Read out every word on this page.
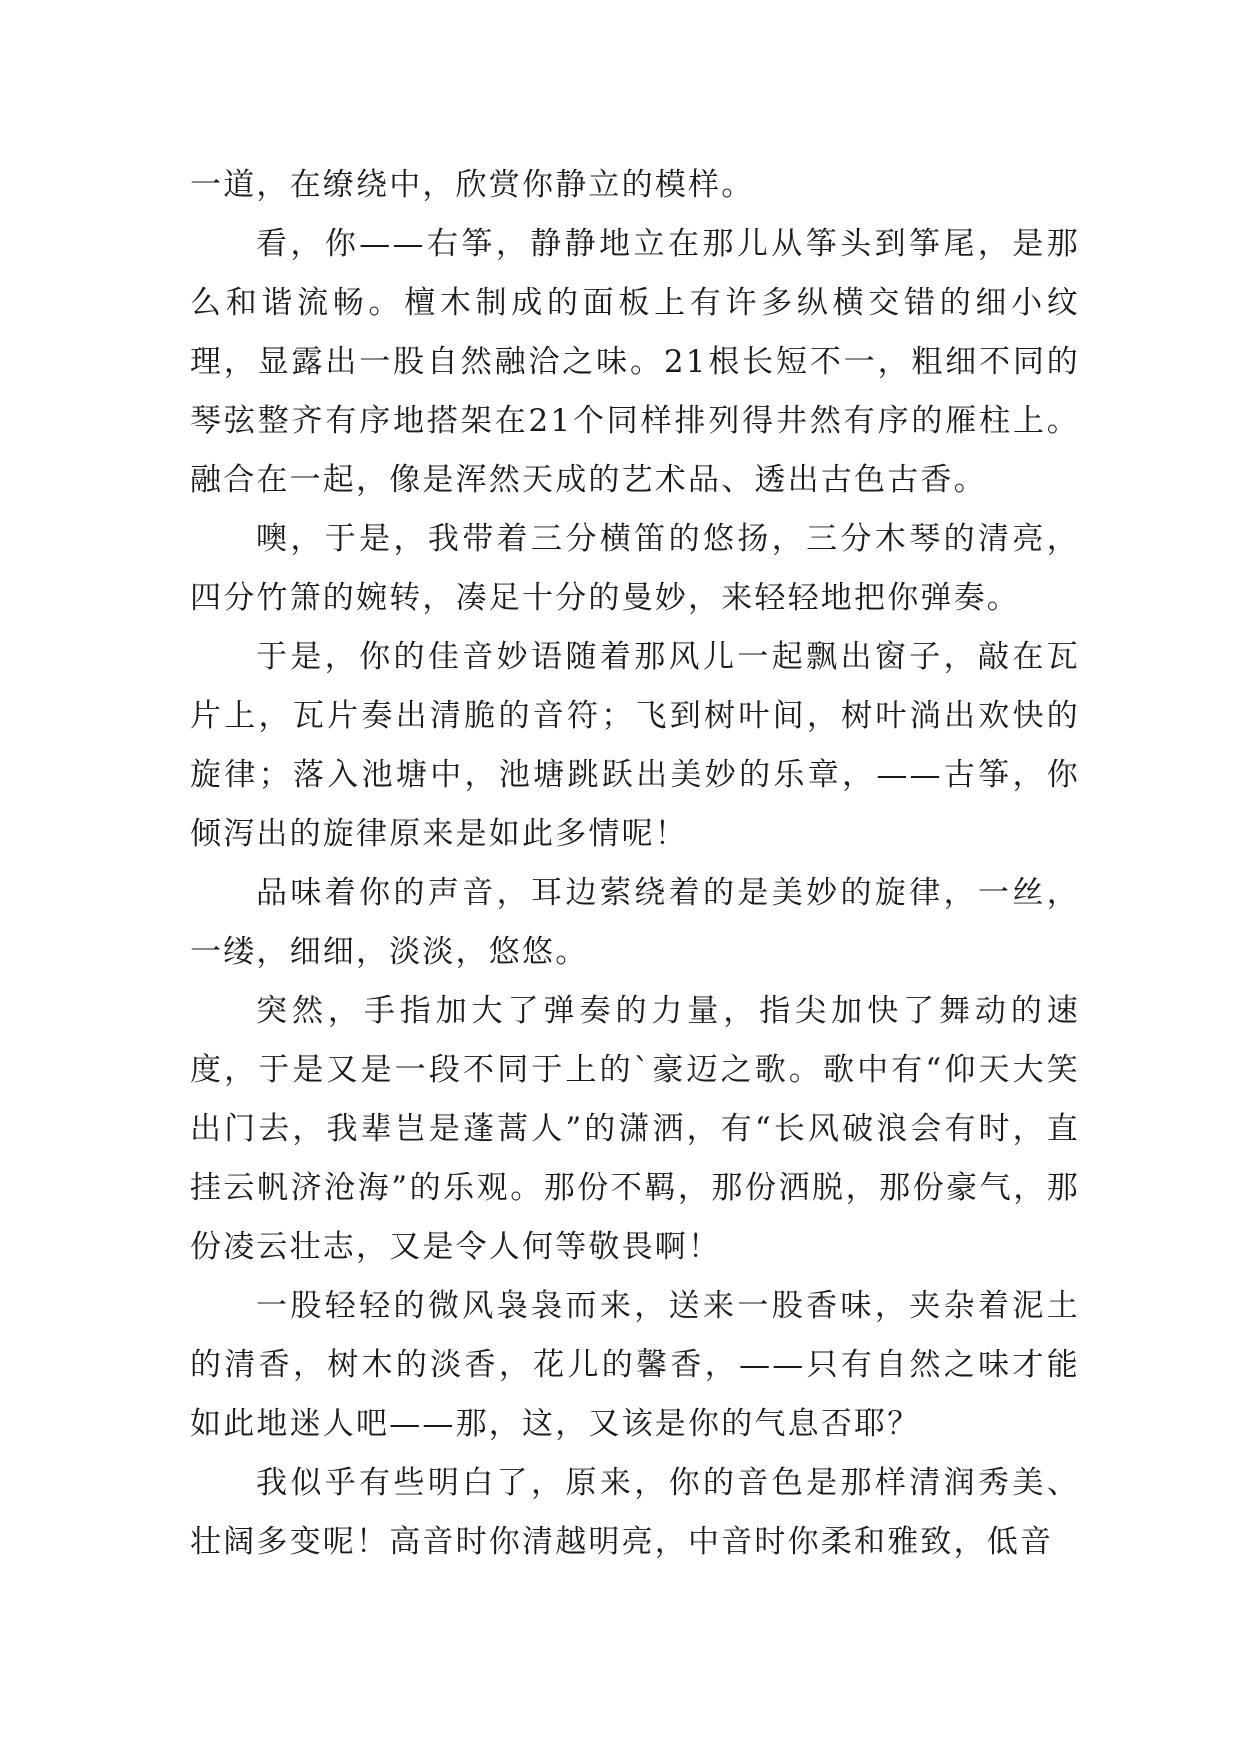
一道，在缭绕中，欣赏你静立的模样。

看，你——右筝，静静地立在那儿从筝头到筝尾，是那么和谐流畅。檀木制成的面板上有许多纵横交错的细小纹理，显露出一股自然融洽之味。21根长短不一，粗细不同的琴弦整齐有序地搭架在21个同样排列得井然有序的雁柱上。融合在一起，像是浑然天成的艺术品、透出古色古香。

噢，于是，我带着三分横笛的悠扬，三分木琴的清亮，四分竹箫的婉转，凑足十分的曼妙，来轻轻地把你弹奏。

于是，你的佳音妙语随着那风儿一起飘出窗子，敲在瓦片上，瓦片奏出清脆的音符；飞到树叶间，树叶淌出欢快的旋律；落入池塘中，池塘跳跃出美妙的乐章，——古筝，你倾泻出的旋律原来是如此多情呢！

品味着你的声音，耳边萦绕着的是美妙的旋律，一丝，一缕，细细，淡淡，悠悠。

突然，手指加大了弹奏的力量，指尖加快了舞动的速度，于是又是一段不同于上的`豪迈之歌。歌中有“仰天大笑出门去，我辈岂是蓬蒿人”的潇洒，有“长风破浪会有时，直挂云帆济沧海”的乐观。那份不羁，那份洒脱，那份豪气，那份凌云壮志，又是令人何等敬畏啊！

一股轻轻的微风袅袅而来，送来一股香味，夹杂着泥土的清香，树木的淡香，花儿的馨香，——只有自然之味才能如此地迷人吧——那，这，又该是你的气息否耶？

我似乎有些明白了，原来，你的音色是那样清润秀美、壮阔多变呢！高音时你清越明亮，中音时你柔和雅致，低音
